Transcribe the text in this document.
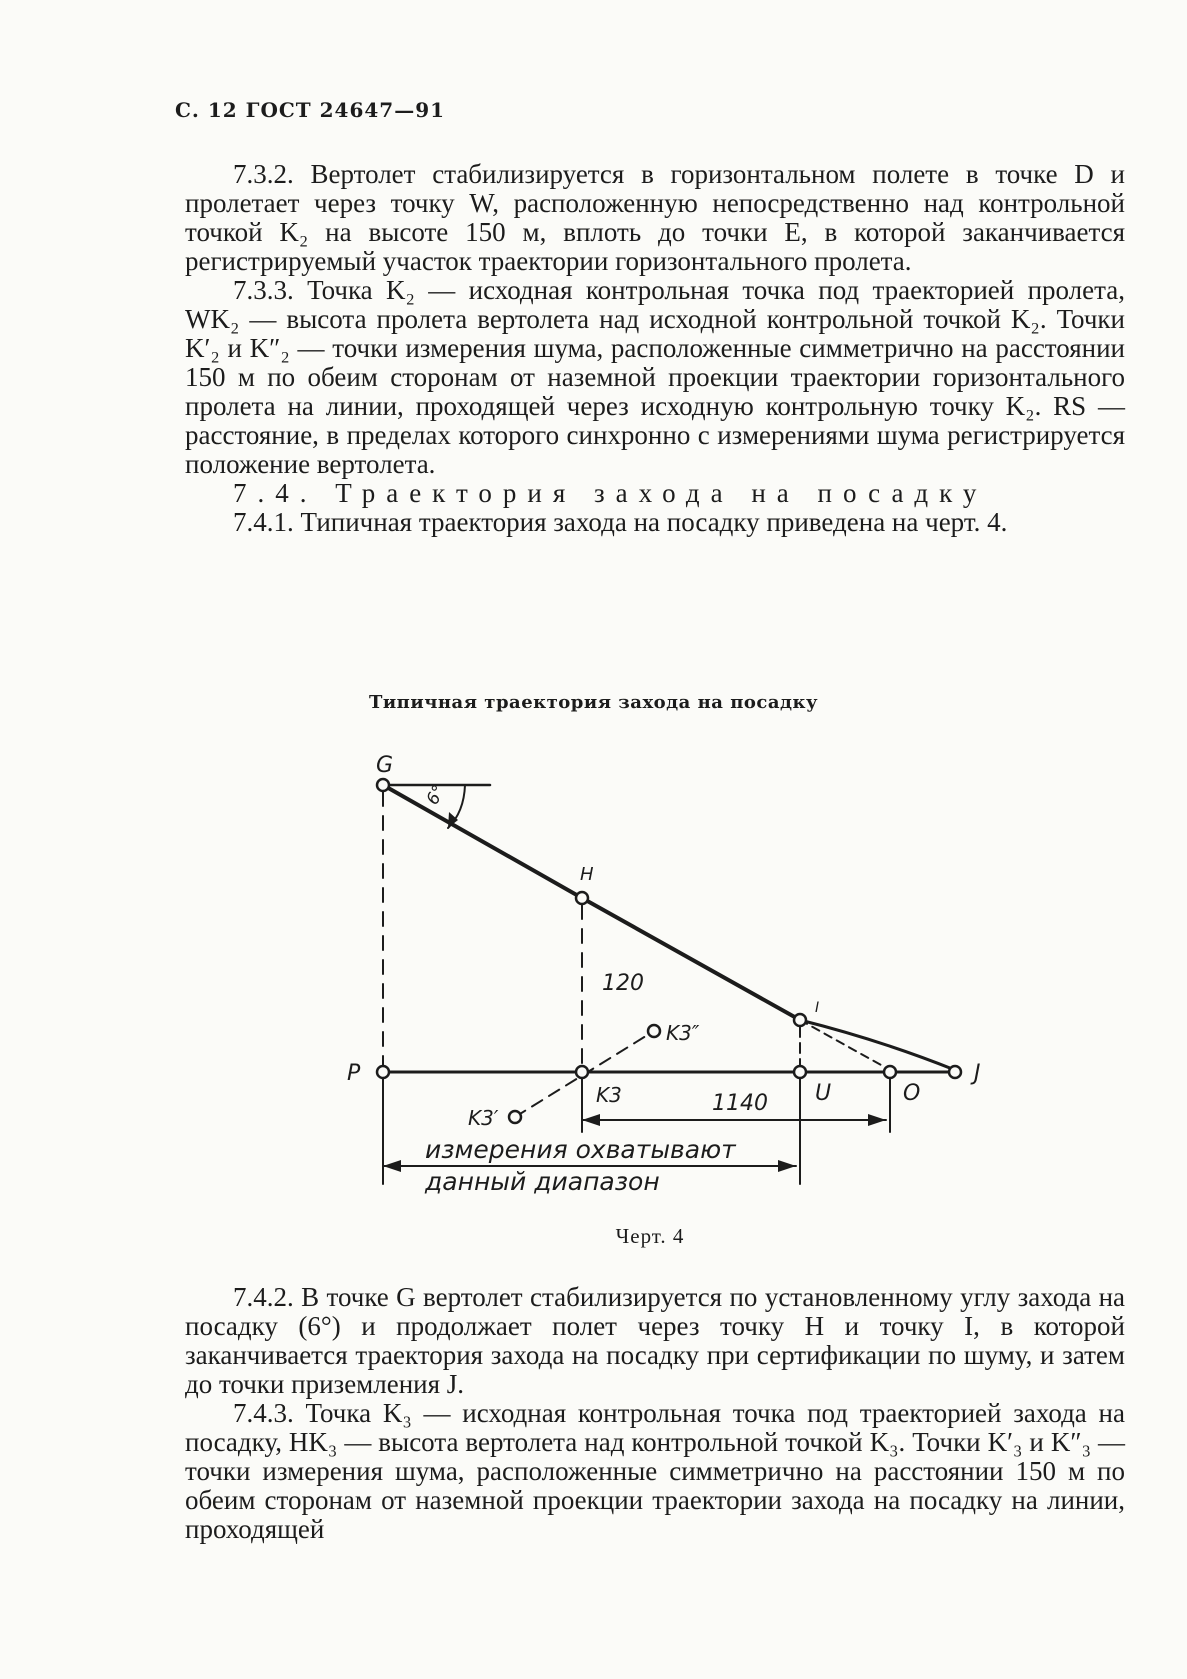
С. 12 ГОСТ 24647—91

7.3.2. Вертолет стабилизируется в горизонтальном полете в точке D и пролетает через точку W, расположенную непосредственно над контрольной точкой K₂ на высоте 150 м, вплоть до точки E, в которой заканчивается регистрируемый участок траектории горизонтального пролета.

7.3.3. Точка K₂ — исходная контрольная точка под траекторией пролета, WK₂ — высота пролета вертолета над исходной контрольной точкой K₂. Точки K′₂ и K″₂ — точки измерения шума, расположенные симметрично на расстоянии 150 м по обеим сторонам от наземной проекции траектории горизонтального пролета на линии, проходящей через исходную контрольную точку K₂. RS — расстояние, в пределах которого синхронно с измерениями шума регистрируется положение вертолета.

7.4. Траектория захода на посадку

7.4.1. Типичная траектория захода на посадку приведена на черт. 4.

Типичная траектория захода на посадку
G
H
I
P	J
U	O
K3
K3″
K3′
120
1140
6°
измерения охватывают
данный диапазон
Черт. 4

7.4.2. В точке G вертолет стабилизируется по установленному углу захода на посадку (6°) и продолжает полет через точку H и точку I, в которой заканчивается траектория захода на посадку при сертификации по шуму, и затем до точки приземления J.

7.4.3. Точка K₃ — исходная контрольная точка под траекторией захода на посадку, HK₃ — высота вертолета над контрольной точкой K₃. Точки K′₃ и K″₃ — точки измерения шума, расположенные симметрично на расстоянии 150 м по обеим сторонам от наземной проекции траектории захода на посадку на линии, проходящей
